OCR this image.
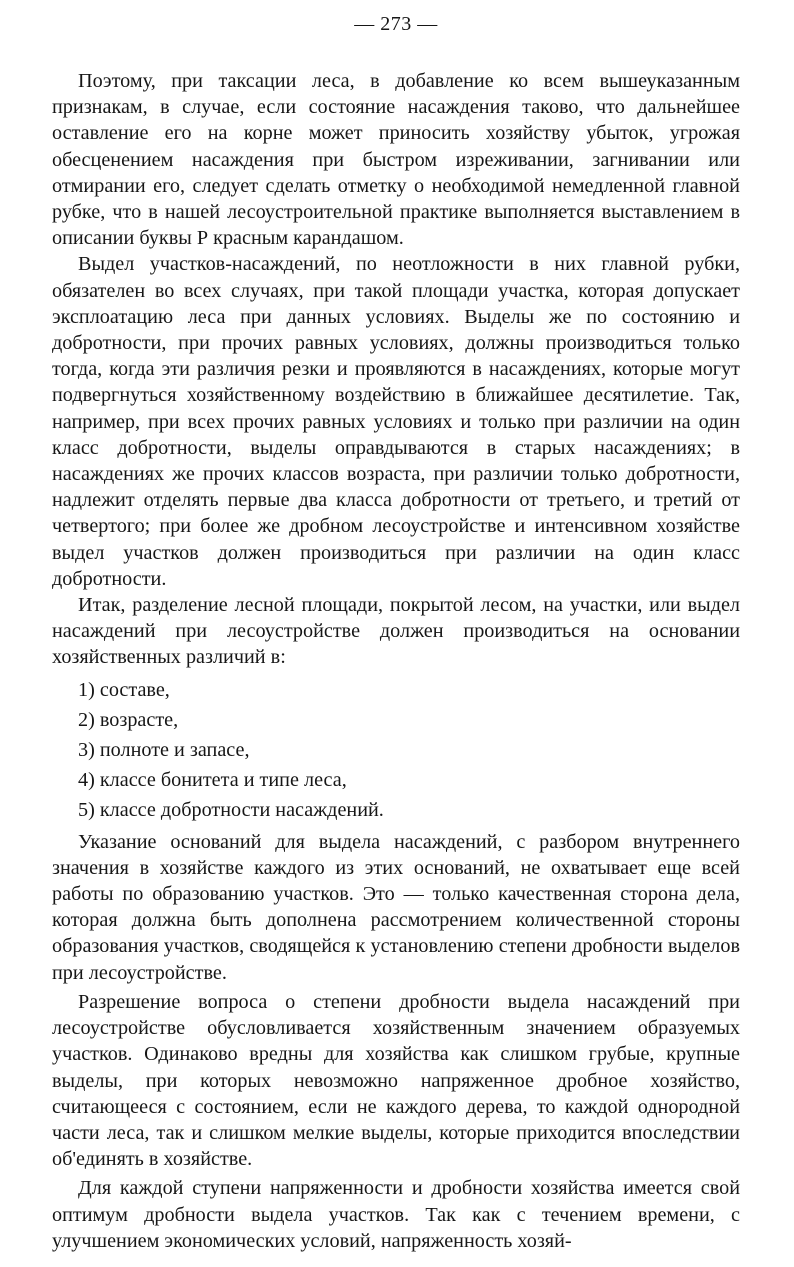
— 273 —

Поэтому, при таксации леса, в добавление ко всем вышеуказанным признакам, в случае, если состояние насаждения таково, что дальнейшее оставление его на корне может приносить хозяйству убыток, угрожая обесценением насаждения при быстром изреживании, загнивании или отмирании его, следует сделать отметку о необходимой немедленной главной рубке, что в нашей лесоустроительной практике выполняется выставлением в описании буквы Р красным карандашом.

Выдел участков-насаждений, по неотложности в них главной рубки, обязателен во всех случаях, при такой площади участка, которая допускает эксплоатацию леса при данных условиях. Выделы же по состоянию и добротности, при прочих равных условиях, должны производиться только тогда, когда эти различия резки и проявляются в насаждениях, которые могут подвергнуться хозяйственному воздействию в ближайшее десятилетие. Так, например, при всех прочих равных условиях и только при различии на один класс добротности, выделы оправдываются в старых насаждениях; в насаждениях же прочих классов возраста, при различии только добротности, надлежит отделять первые два класса добротности от третьего, и третий от четвертого; при более же дробном лесоустройстве и интенсивном хозяйстве выдел участков должен производиться при различии на один класс добротности.

Итак, разделение лесной площади, покрытой лесом, на участки, или выдел насаждений при лесоустройстве должен производиться на основании хозяйственных различий в:

1) составе,
2) возрасте,
3) полноте и запасе,
4) классе бонитета и типе леса,
5) классе добротности насаждений.

Указание оснований для выдела насаждений, с разбором внутреннего значения в хозяйстве каждого из этих оснований, не охватывает еще всей работы по образованию участков. Это — только качественная сторона дела, которая должна быть дополнена рассмотрением количественной стороны образования участков, сводящейся к установлению степени дробности выделов при лесоустройстве.

Разрешение вопроса о степени дробности выдела насаждений при лесоустройстве обусловливается хозяйственным значением образуемых участков. Одинаково вредны для хозяйства как слишком грубые, крупные выделы, при которых невозможно напряженное дробное хозяйство, считающееся с состоянием, если не каждого дерева, то каждой однородной части леса, так и слишком мелкие выделы, которые приходится впоследствии об'единять в хозяйстве.

Для каждой ступени напряженности и дробности хозяйства имеется свой оптимум дробности выдела участков. Так как с течением времени, с улучшением экономических условий, напряженность хозяй-
